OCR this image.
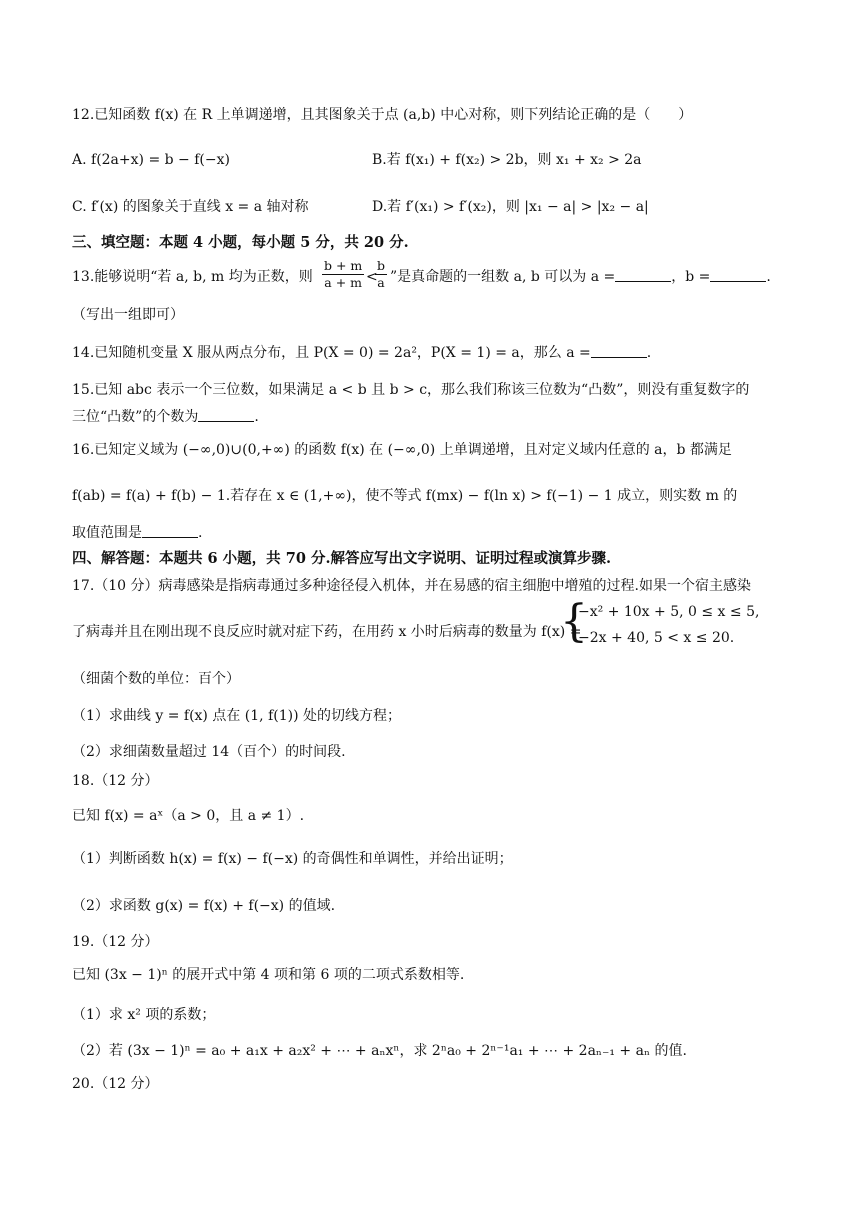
12.已知函数 f(x) 在 R 上单调递增，且其图象关于点 (a,b) 中心对称，则下列结论正确的是（　　）
A. f(2a+x) = b − f(−x)	B.若 f(x₁) + f(x₂) > 2b，则 x₁ + x₂ > 2a
C. f′(x) 的图象关于直线 x = a 轴对称	D.若 f′(x₁) > f′(x₂)，则 |x₁ − a| > |x₂ − a|
三、填空题：本题 4 小题，每小题 5 分，共 20 分.
13.能够说明“若 a, b, m 均为正数，则 $\frac{b + m}{a + m}$ <
$\frac{b}{a}$ ”是真命题的一组数 a, b 可以为 a =	，b =	.
（写出一组即可）
14.已知随机变量 X 服从两点分布，且 P(X = 0) = 2a²，P(X = 1) = a，那么 a =	.
15.已知 abc 表示一个三位数，如果满足 a < b 且 b > c，那么我们称该三位数为“凸数”，则没有重复数字的
三位“凸数”的个数为	.
16.已知定义域为 (−∞,0)∪(0,+∞) 的函数 f(x) 在 (−∞,0) 上单调递增，且对定义域内任意的 a，b 都满足
f(ab) = f(a) + f(b) − 1.若存在 x ∈ (1,+∞)，使不等式 f(mx) − f(ln x) > f(−1) − 1 成立，则实数 m 的
取值范围是	.
四、解答题：本题共 6 小题，共 70 分.解答应写出文字说明、证明过程或演算步骤.
17.（10 分）病毒感染是指病毒通过多种途径侵入机体，并在易感的宿主细胞中增殖的过程.如果一个宿主感染
了病毒并且在刚出现不良反应时就对症下药，在用药 x 小时后病毒的数量为 f(x) =
{
−x² + 10x + 5, 0 ≤ x ≤ 5,
−2x + 40, 5 < x ≤ 20.
（细菌个数的单位：百个）
（1）求曲线 y = f(x) 点在 (1, f(1)) 处的切线方程；
（2）求细菌数量超过 14（百个）的时间段.
18.（12 分）
已知 f(x) = aˣ（a > 0，且 a ≠ 1）.
（1）判断函数 h(x) = f(x) − f(−x) 的奇偶性和单调性，并给出证明；
（2）求函数 g(x) = f(x) + f(−x) 的值域.
19.（12 分）
已知 (3x − 1)ⁿ 的展开式中第 4 项和第 6 项的二项式系数相等.
（1）求 x² 项的系数；
（2）若 (3x − 1)ⁿ = a₀ + a₁x + a₂x² + ⋯ + aₙxⁿ，求 2ⁿa₀ + 2ⁿ⁻¹a₁ + ⋯ + 2aₙ₋₁ + aₙ 的值.
20.（12 分）
